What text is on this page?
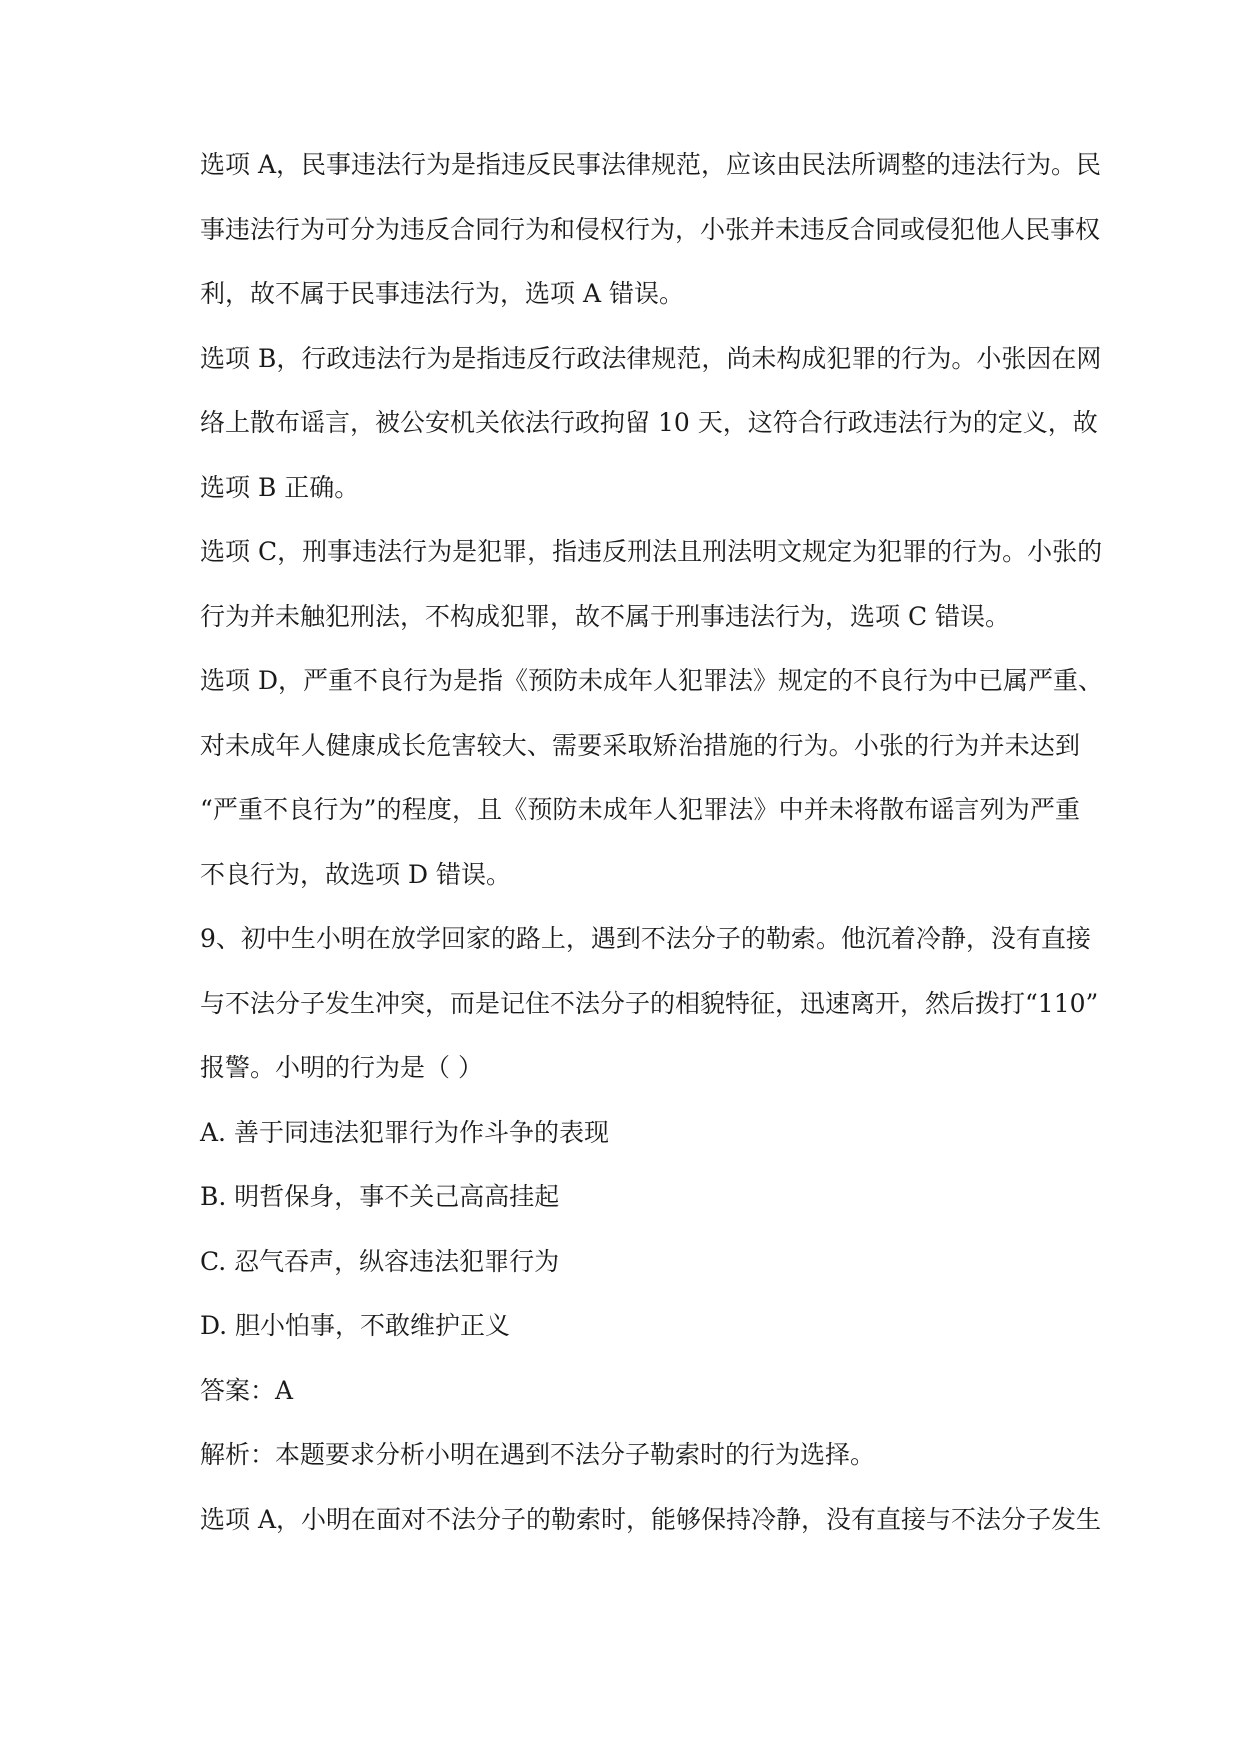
选项 A，民事违法行为是指违反民事法律规范，应该由民法所调整的违法行为。民
事违法行为可分为违反合同行为和侵权行为，小张并未违反合同或侵犯他人民事权
利，故不属于民事违法行为，选项 A 错误。
选项 B，行政违法行为是指违反行政法律规范，尚未构成犯罪的行为。小张因在网
络上散布谣言，被公安机关依法行政拘留 10 天，这符合行政违法行为的定义，故
选项 B 正确。
选项 C，刑事违法行为是犯罪，指违反刑法且刑法明文规定为犯罪的行为。小张的
行为并未触犯刑法，不构成犯罪，故不属于刑事违法行为，选项 C 错误。
选项 D，严重不良行为是指《预防未成年人犯罪法》规定的不良行为中已属严重、
对未成年人健康成长危害较大、需要采取矫治措施的行为。小张的行为并未达到
“严重不良行为”的程度，且《预防未成年人犯罪法》中并未将散布谣言列为严重
不良行为，故选项 D 错误。
9、初中生小明在放学回家的路上，遇到不法分子的勒索。他沉着冷静，没有直接
与不法分子发生冲突，而是记住不法分子的相貌特征，迅速离开，然后拨打“110”
报警。小明的行为是（ ）
A. 善于同违法犯罪行为作斗争的表现
B. 明哲保身，事不关己高高挂起
C. 忍气吞声，纵容违法犯罪行为
D. 胆小怕事，不敢维护正义
答案：A
解析：本题要求分析小明在遇到不法分子勒索时的行为选择。
选项 A，小明在面对不法分子的勒索时，能够保持冷静，没有直接与不法分子发生
